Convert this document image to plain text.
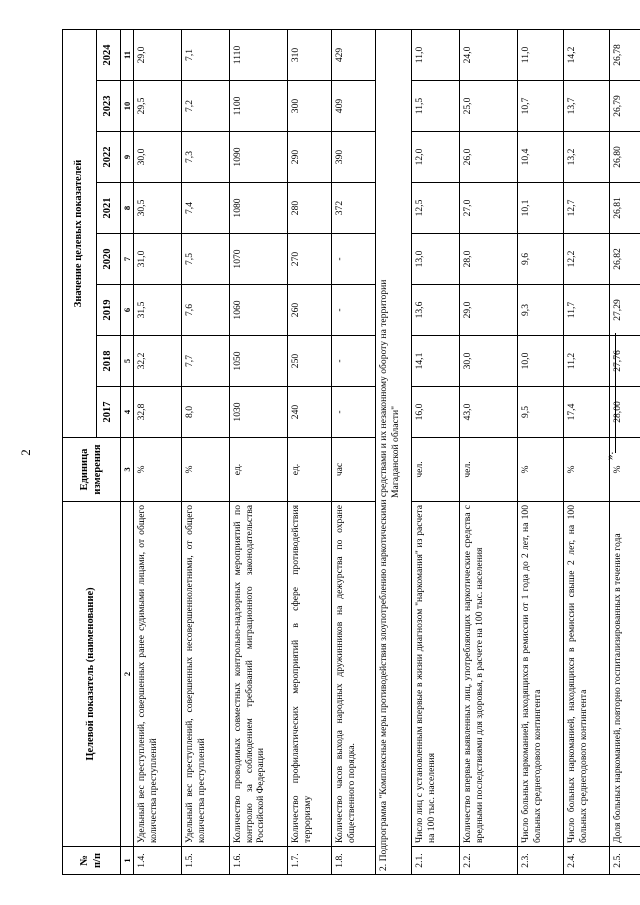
2
№ п/п	Целевой показатель (наименование)	Единица измерения	Значение целевых показателей							
			2017	2018	2019	2020	2021	2022	2023	2024
1	2	3	4	5	6	7	8	9	10	11
1.4.	Удельный вес преступлений, совершенных ранее судимыми лицами, от общего количества преступлений	%	32,8	32,2	31,5	31,0	30,5	30,0	29,5	29,0
1.5.	Удельный вес преступлений, совершенных несовершеннолетними, от общего количества преступлений	%	8,0	7,7	7,6	7,5	7,4	7,3	7,2	7,1
1.6.	Количество проводимых совместных контрольно-надзорных мероприятий по контролю за соблюдением требований миграционного законодательства Российской Федерации	ед.	1030	1050	1060	1070	1080	1090	1100	1110
1.7.	Количество профилактических мероприятий в сфере противодействия терроризму	ед.	240	250	260	270	280	290	300	310
1.8.	Количество часов выхода народных дружинников на дежурства по охране общественного порядка.	час	-	-	-	-	372	390	409	429
2. Подпрограмма "Комплексные меры противодействия злоупотреблению наркотическими средствами и их незаконному обороту на территории Магаданской области"										

2.1.	Число лиц с установленным впервые в жизни диагнозом "наркомания" из расчета на 100 тыс. населения	чел.	16,0	14,1	13,6	13,0	12,5	12,0	11,5	11,0
2.2.	Количество впервые выявленных лиц, употребляющих наркотические средства с вредными последствиями для здоровья, в расчете на 100 тыс. населения	чел.	43,0	30,0	29,0	28,0	27,0	26,0	25,0	24,0
2.3.	Число больных наркоманией, находящихся в ремиссии от 1 года до 2 лет, на 100 больных среднегодового контингента	%	9,5	10,0	9,3	9,6	10,1	10,4	10,7	11,0
2.4.	Число больных наркоманией, находящихся в ремиссии свыше 2 лет, на 100 больных среднегодового контингента	%	17,4	11,2	11,7	12,2	12,7	13,2	13,7	14,2
2.5.	Доля больных наркоманией, повторно госпитализированных в течение года	%	28,00	27,76	27,29	26,82	26,81	26,80	26,79	26,78
».
